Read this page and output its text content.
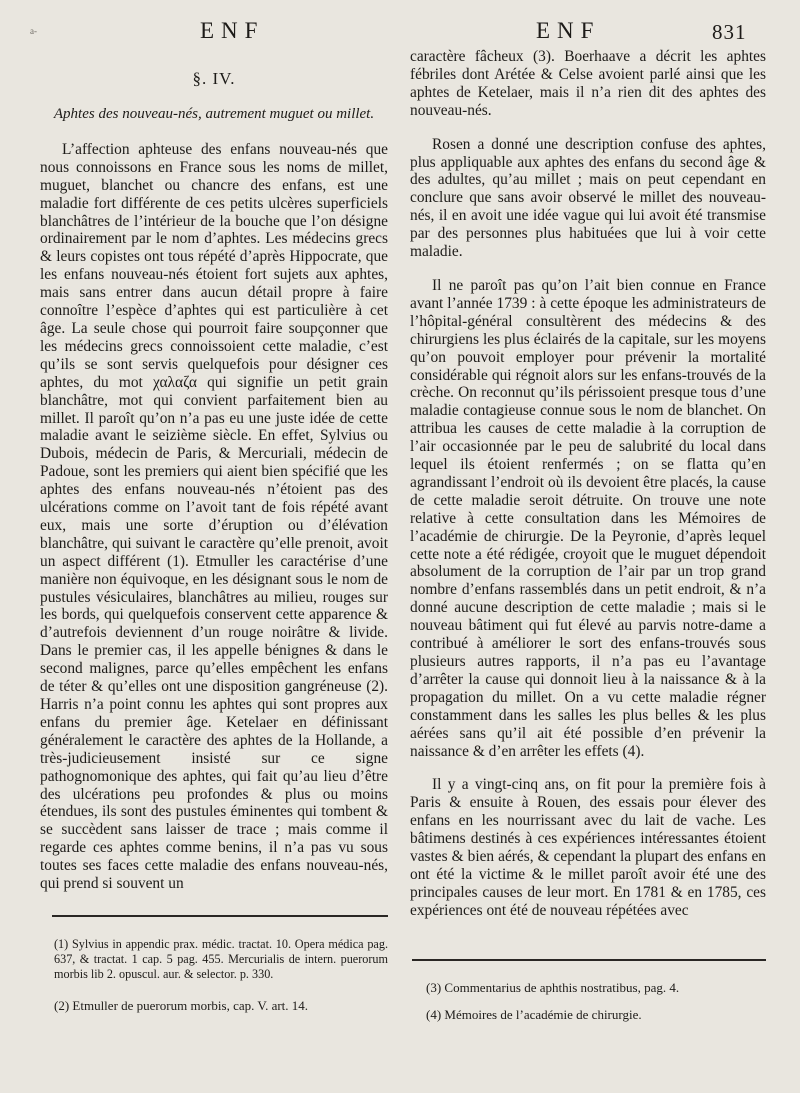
a-	ENF	ENF	831

§. IV.

Aphtes des nouveau-nés, autrement muguet ou millet.

L’affection aphteuse des enfans nouveau-nés que nous connoissons en France sous les noms de millet, muguet, blanchet ou chancre des enfans, est une maladie fort différente de ces petits ulcères superficiels blanchâtres de l’intérieur de la bouche que l’on désigne ordinairement par le nom d’aphtes. Les médecins grecs & leurs copistes ont tous répété d’après Hippocrate, que les enfans nouveau-nés étoient fort sujets aux aphtes, mais sans entrer dans aucun détail propre à faire connoître l’espèce d’aphtes qui est particulière à cet âge. La seule chose qui pourroit faire soupçonner que les médecins grecs connoissoient cette maladie, c’est qu’ils se sont servis quelquefois pour désigner ces aphtes, du mot χαλαζα qui signifie un petit grain blanchâtre, mot qui convient parfaitement bien au millet. Il paroît qu’on n’a pas eu une juste idée de cette maladie avant le seizième siècle. En effet, Sylvius ou Dubois, médecin de Paris, & Mercuriali, médecin de Padoue, sont les premiers qui aient bien spécifié que les aphtes des enfans nouveau-nés n’étoient pas des ulcérations comme on l’avoit tant de fois répété avant eux, mais une sorte d’éruption ou d’élévation blanchâtre, qui suivant le caractère qu’elle prenoit, avoit un aspect différent (1). Etmuller les caractérise d’une manière non équivoque, en les désignant sous le nom de pustules vésiculaires, blanchâtres au milieu, rouges sur les bords, qui quelquefois conservent cette apparence & d’autrefois deviennent d’un rouge noirâtre & livide. Dans le premier cas, il les appelle bénignes & dans le second malignes, parce qu’elles empêchent les enfans de téter & qu’elles ont une disposition gangréneuse (2). Harris n’a point connu les aphtes qui sont propres aux enfans du premier âge. Ketelaer en définissant généralement le caractère des aphtes de la Hollande, a très-judicieusement insisté sur ce signe pathognomonique des aphtes, qui fait qu’au lieu d’être des ulcérations peu profondes & plus ou moins étendues, ils sont des pustules éminentes qui tombent & se succèdent sans laisser de trace ; mais comme il regarde ces aphtes comme benins, il n’a pas vu sous toutes ses faces cette maladie des enfans nouveau-nés, qui prend si souvent un

caractère fâcheux (3). Boerhaave a décrit les aphtes fébriles dont Arétée & Celse avoient parlé ainsi que les aphtes de Ketelaer, mais il n’a rien dit des aphtes des nouveau-nés.

Rosen a donné une description confuse des aphtes, plus appliquable aux aphtes des enfans du second âge & des adultes, qu’au millet ; mais on peut cependant en conclure que sans avoir observé le millet des nouveau-nés, il en avoit une idée vague qui lui avoit été transmise par des personnes plus habituées que lui à voir cette maladie.

Il ne paroît pas qu’on l’ait bien connue en France avant l’année 1739 : à cette époque les administrateurs de l’hôpital-général consultèrent des médecins & des chirurgiens les plus éclairés de la capitale, sur les moyens qu’on pouvoit employer pour prévenir la mortalité considérable qui régnoit alors sur les enfans-trouvés de la crèche. On reconnut qu’ils périssoient presque tous d’une maladie contagieuse connue sous le nom de blanchet. On attribua les causes de cette maladie à la corruption de l’air occasionnée par le peu de salubrité du local dans lequel ils étoient renfermés ; on se flatta qu’en agrandissant l’endroit où ils devoient être placés, la cause de cette maladie seroit détruite. On trouve une note relative à cette consultation dans les Mémoires de l’académie de chirurgie. De la Peyronie, d’après lequel cette note a été rédigée, croyoit que le muguet dépendoit absolument de la corruption de l’air par un trop grand nombre d’enfans rassemblés dans un petit endroit, & n’a donné aucune description de cette maladie ; mais si le nouveau bâtiment qui fut élevé au parvis notre-dame a contribué à améliorer le sort des enfans-trouvés sous plusieurs autres rapports, il n’a pas eu l’avantage d’arrêter la cause qui donnoit lieu à la naissance & à la propagation du millet. On a vu cette maladie régner constamment dans les salles les plus belles & les plus aérées sans qu’il ait été possible d’en prévenir la naissance & d’en arrêter les effets (4).

Il y a vingt-cinq ans, on fit pour la première fois à Paris & ensuite à Rouen, des essais pour élever des enfans en les nourrissant avec du lait de vache. Les bâtimens destinés à ces expériences intéressantes étoient vastes & bien aérés, & cependant la plupart des enfans en ont été la victime & le millet paroît avoir été une des principales causes de leur mort. En 1781 & en 1785, ces expériences ont été de nouveau répétées avec

(1) Sylvius in appendic prax. médic. tractat. 10. Opera médica pag. 637, & tractat. 1 cap. 5 pag. 455. Mercurialis de intern. puerorum morbis lib 2. opuscul. aur. & selector. p. 330.

(2) Etmuller de puerorum morbis, cap. V. art. 14.

(3) Commentarius de aphthis nostratibus, pag. 4.

(4) Mémoires de l’académie de chirurgie.
